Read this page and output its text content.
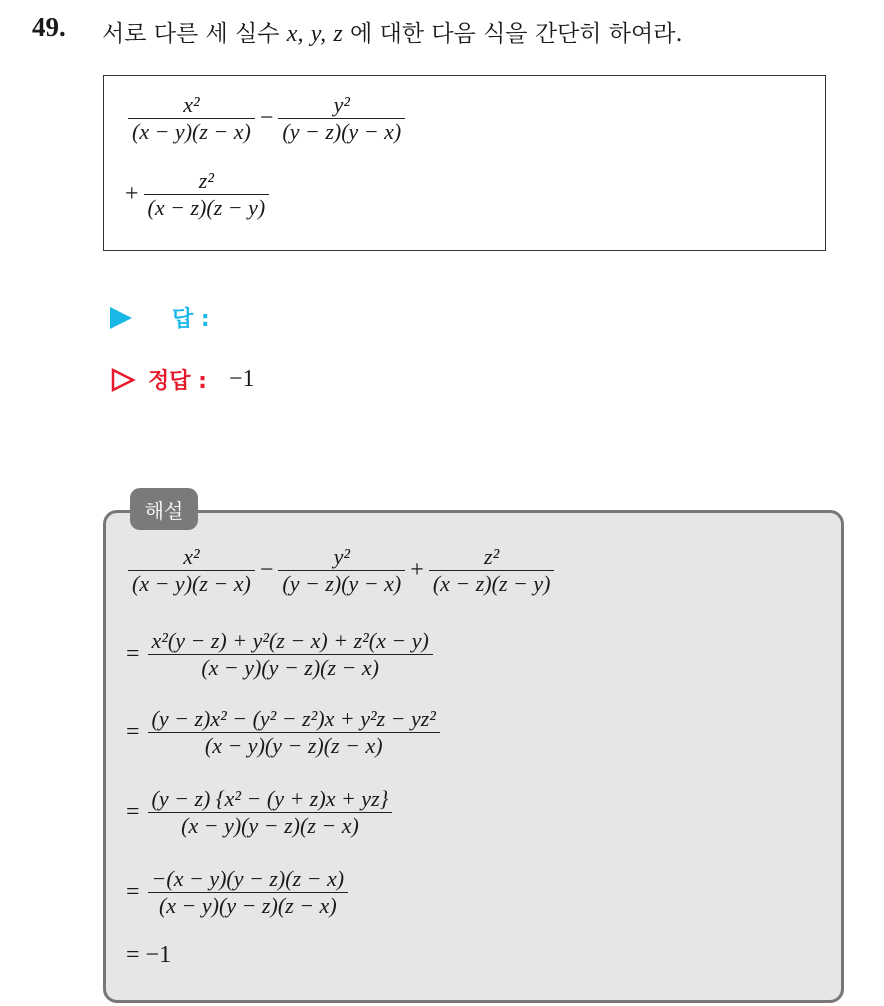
49. 서로 다른 세 실수 x, y, z 에 대한 다음 식을 간단히 하여라.
$\frac{\text{x²}}{(x - y)(z - x)} - \frac{\text{y²}}{(y - z)(y - x)}$
+ $\frac{\text{z²}}{(x - z)(z - y)}$
답 :
정답 : −1
해설
$\frac{\text{x²}}{(x - y)(z - x)} - \frac{\text{y²}}{(y - z)(y - x)} + \frac{\text{z²}}{(x - z)(z - y)}$
= $\frac{\text{x²(y − z) + y²(z − x) + z²(x − y)}}{(x - y)(y - z)(z - x)}$
= $\frac{\text{(y − z)x² − (y² − z²)x + y²z − yz²}}{(x - y)(y - z)(z - x)}$
= $\frac{\text{(y − z) \{x² − (y + z)x + yz\}}}{(x - y)(y - z)(z - x)}$
= $\frac{-(x - y)(y - z)(z - x)}{(x - y)(y - z)(z - x)}$
= −1
